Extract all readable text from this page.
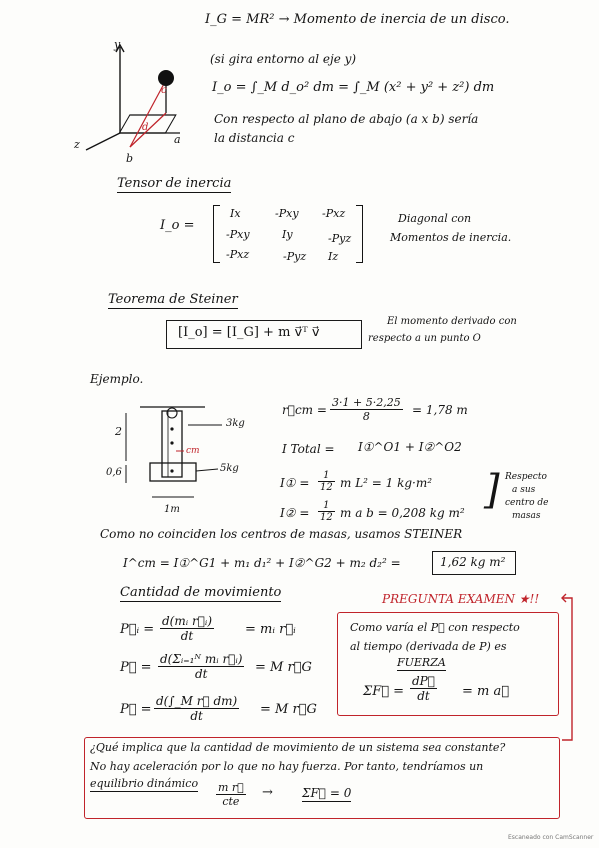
I_G = MR² → Momento de inercia de un disco.
(si gira entorno al eje y)
I_o = ∫_M d_o² dm = ∫_M (x² + y² + z²) dm
Con respecto al plano de abajo (a x b) sería
la distancia c
y
z
c
d
a
b
Tensor de inercia
I_o =
Ix	-Pxy -Pxz
-Pxy	Iy	-Pyz
-Pxz	-Pyz Iz
Diagonal con
Momentos de inercia.
Teorema de Steiner
[I_o] = [I_G] + m v⃗ᵀ v⃗
El momento derivado con
respecto a un punto O
Ejemplo.
2
0,6
1m
3kg
5kg
cm
r⃗cm = $\frac{3\cdot 1 + 5\cdot 2,25}{8} = 1,78$ m
I Total = I①^O1 + I②^O2
I① = $\frac{1}{12}$ m L² = 1 kg·m²
I② = $\frac{1}{12}$ m a b = 0,208 kg m² ] Respecto
a sus
centro de
masas
Como no coinciden los centros de masas, usamos STEINER
I^cm = I①^G1 + m₁ d₁² + I②^G2 + m₂ d₂² =	1,62 kg m²
Cantidad de movimiento
P⃗ᵢ = $\frac{\text{d(mᵢ r⃗ᵢ)}}{dt}$ = mᵢ r⃗ᵢ
P⃗ = $\frac{\text{d(Σᵢ₌₁ᴺ mᵢ r⃗ᵢ)}}{dt} = M$ r⃗G
P⃗ = $\frac{\text{d(∫\_M r⃗ dm)}}{dt} = M$ r⃗G
PREGUNTA EXAMEN ★!!
Como varía el P⃗ con respecto
al tiempo (derivada de P) es
FUERZA
ΣF⃗ = $\frac{dP⃗}{dt} = m$ a⃗
¿Qué implica que la cantidad de movimiento de un sistema sea constante?
No hay aceleración por lo que no hay fuerza. Por tanto, tendríamos un
equilibrio dinámico m r⃗
cte
→ ΣF⃗ = 0
Escaneado con CamScanner
